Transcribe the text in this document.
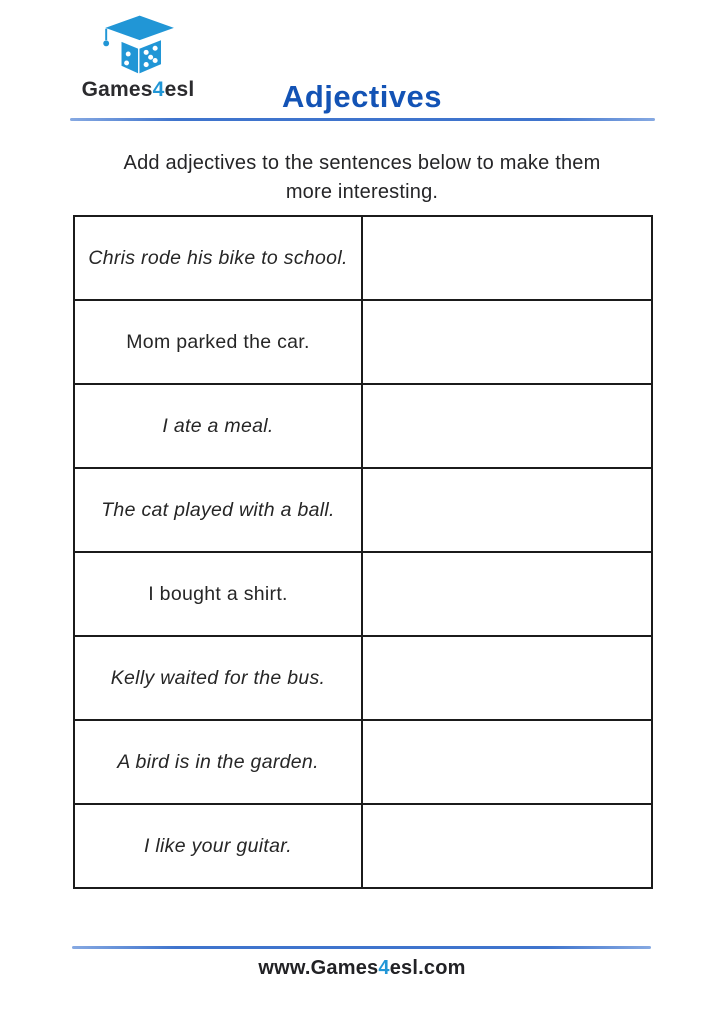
Games4esl	Adjectives
Add adjectives to the sentences below to make them
more interesting.
Chris rode his bike to school.	
Mom parked the car.	
I ate a meal.	
The cat played with a ball.	
I bought a shirt.	
Kelly waited for the bus.	
A bird is in the garden.	
I like your guitar.	
www.Games4esl.com
